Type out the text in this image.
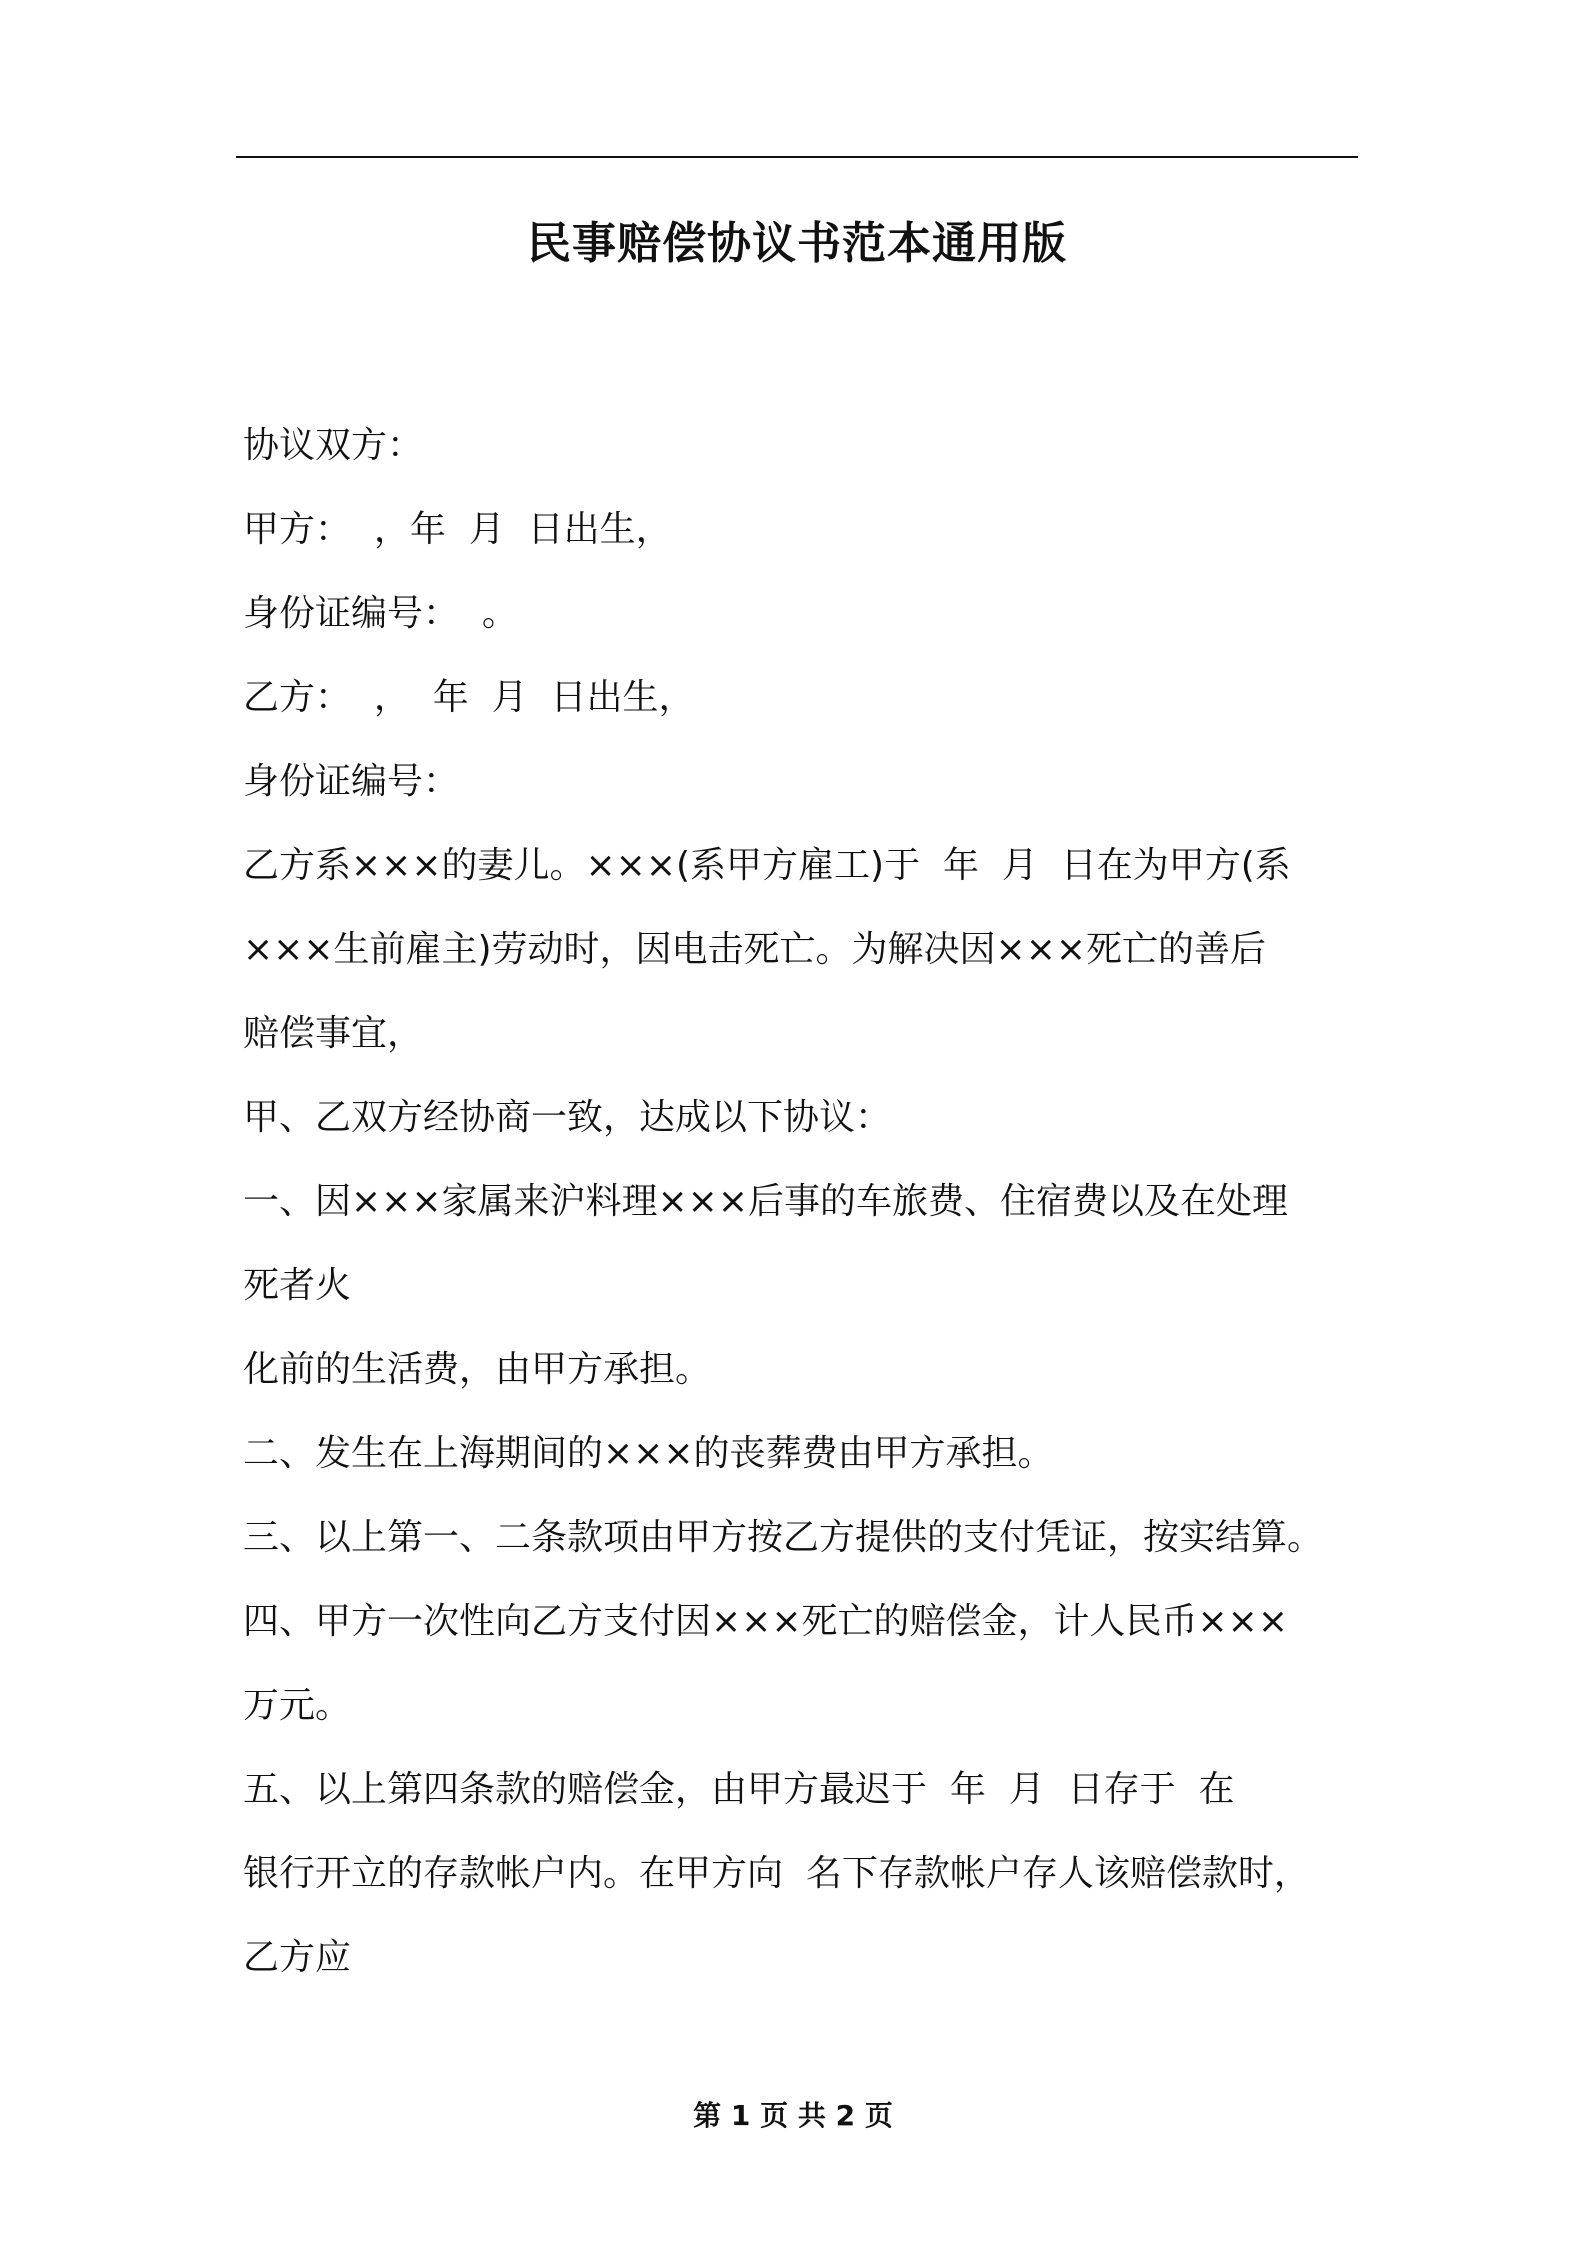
民事赔偿协议书范本通用版
协议双方：
甲方：  ，年  月  日出生，
身份证编号：  。
乙方：  ，  年  月  日出生，
身份证编号：
乙方系×××的妻儿。×××(系甲方雇工)于  年  月  日在为甲方(系
×××生前雇主)劳动时，因电击死亡。为解决因×××死亡的善后
赔偿事宜，
甲、乙双方经协商一致，达成以下协议：
一、因×××家属来沪料理×××后事的车旅费、住宿费以及在处理
死者火
化前的生活费，由甲方承担。
二、发生在上海期间的×××的丧葬费由甲方承担。
三、以上第一、二条款项由甲方按乙方提供的支付凭证，按实结算。
四、甲方一次性向乙方支付因×××死亡的赔偿金，计人民币×××
万元。
五、以上第四条款的赔偿金，由甲方最迟于  年  月  日存于  在
银行开立的存款帐户内。在甲方向  名下存款帐户存人该赔偿款时，
乙方应
第 1 页 共 2 页
